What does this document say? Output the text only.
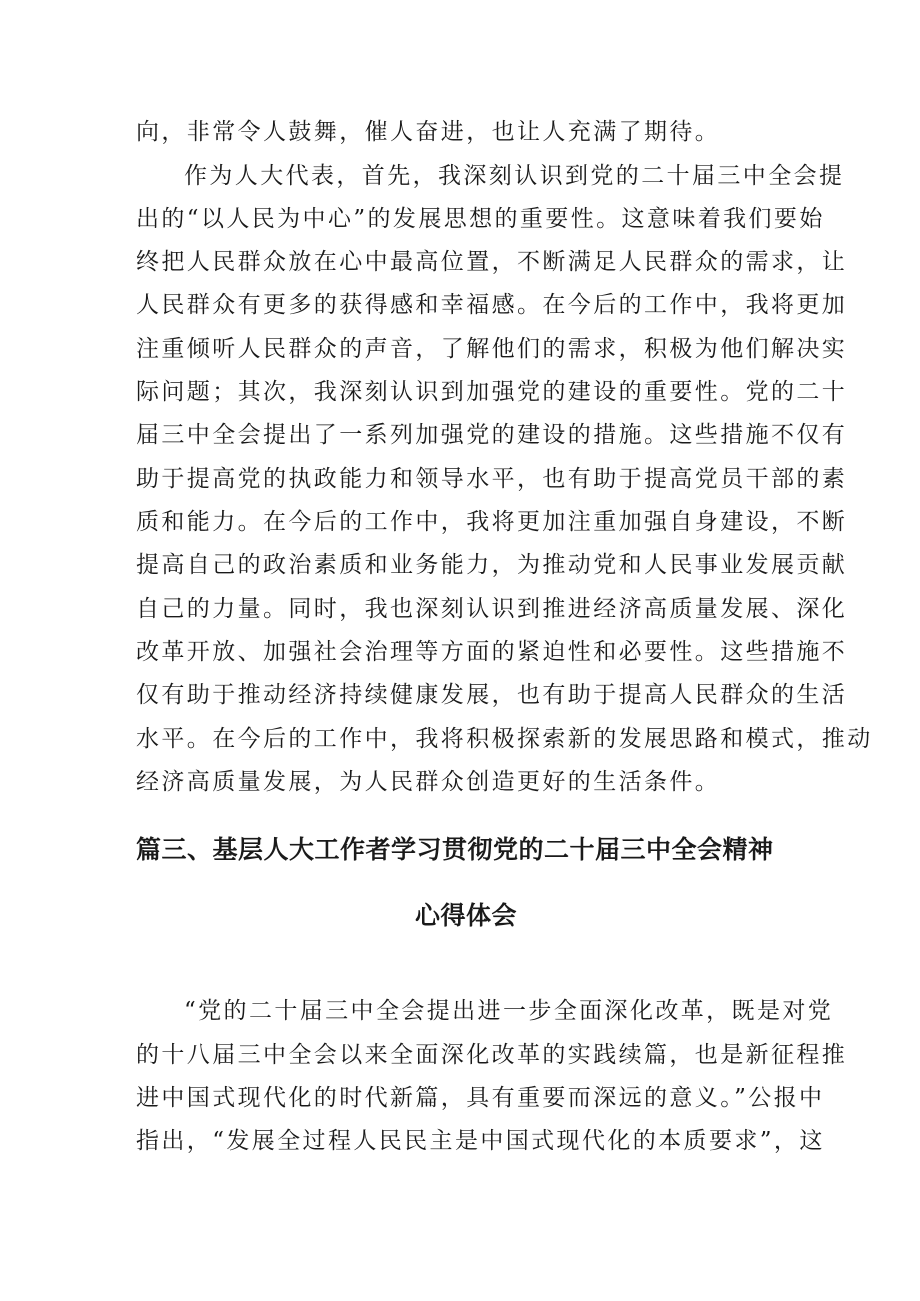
向，非常令人鼓舞，催人奋进，也让人充满了期待。

作为人大代表，首先，我深刻认识到党的二十届三中全会提

出的“以人民为中心”的发展思想的重要性。这意味着我们要始

终把人民群众放在心中最高位置，不断满足人民群众的需求，让

人民群众有更多的获得感和幸福感。在今后的工作中，我将更加

注重倾听人民群众的声音，了解他们的需求，积极为他们解决实

际问题；其次，我深刻认识到加强党的建设的重要性。党的二十

届三中全会提出了一系列加强党的建设的措施。这些措施不仅有

助于提高党的执政能力和领导水平，也有助于提高党员干部的素

质和能力。在今后的工作中，我将更加注重加强自身建设，不断

提高自己的政治素质和业务能力，为推动党和人民事业发展贡献

自己的力量。同时，我也深刻认识到推进经济高质量发展、深化

改革开放、加强社会治理等方面的紧迫性和必要性。这些措施不

仅有助于推动经济持续健康发展，也有助于提高人民群众的生活

水平。在今后的工作中，我将积极探索新的发展思路和模式，推动

经济高质量发展，为人民群众创造更好的生活条件。

篇三、基层人大工作者学习贯彻党的二十届三中全会精神
心得体会

“党的二十届三中全会提出进一步全面深化改革，既是对党

的十八届三中全会以来全面深化改革的实践续篇，也是新征程推

进中国式现代化的时代新篇，具有重要而深远的意义。”公报中

指出，“发展全过程人民民主是中国式现代化的本质要求”，这
